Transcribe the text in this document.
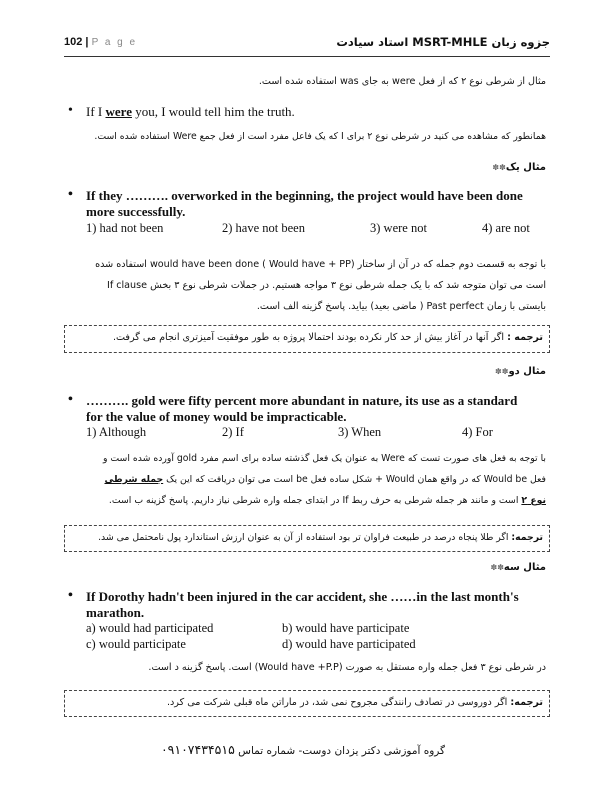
102 | P a g e	جزوه زبان MSRT-MHLE استاد سیادت
مثال از شرطی نوع ۲ که از فعل were به جای was استفاده شده است.
• If I were you, I would tell him the truth.
همانطور که مشاهده می کنید در شرطی نوع ۲ برای I که یک فاعل مفرد است از فعل جمع Were استفاده شده است.
مثال یک✽✽
• If they ………. overworked in the beginning, the project would have been done
more successfully.
1) had not been	2) have not been	3) were not	4) are not
با توجه به قسمت دوم جمله که در آن از ساختار would have been done ( Would have + PP) استفاده شده
است می توان متوجه شد که با یک جمله شرطی نوع ۳ مواجه هستیم. در جملات شرطی نوع ۳ بخش If clause
بایستی با زمان Past perfect ( ماضی بعید) بیاید. پاسخ گزینه الف است.
ترجمه : اگر آنها در آغاز بیش از حد کار نکرده بودند احتمالا پروژه به طور موفقیت آمیزتری انجام می گرفت.
مثال دو✽✽
• ………. gold were fifty percent more abundant in nature, its use as a standard
for the value of money would be impracticable.
1) Although	2) If	3) When	4) For
با توجه به فعل های صورت تست که Were به عنوان یک فعل گذشته ساده برای اسم مفرد gold آورده شده است و
فعل Would be که در واقع همان Would + شکل ساده فعل be است می توان دریافت که این یک جمله شرطی
نوع ۲ است و مانند هر جمله شرطی به حرف ربط If در ابتدای جمله واره شرطی نیاز داریم. پاسخ گزینه ب است.
ترجمه: اگر طلا پنجاه درصد در طبیعت فراوان تر بود استفاده از آن به عنوان ارزش استاندارد پول نامحتمل می شد.
مثال سه✽✽
• If Dorothy hadn't been injured in the car accident, she ……in the last month's
marathon.
a) would had participated	b) would have participate
c) would participate	d) would have participated
در شرطی نوع ۳ فعل جمله واره مستقل به صورت (Would have +P.P) است. پاسخ گزینه د است.
ترجمه: اگر دوروسی در تصادف رانندگی مجروح نمی شد، در ماراتن ماه قبلی شرکت می کرد.
گروه آموزشی دکتر یزدان دوست- شماره تماس ۰۹۱۰۷۴۳۴۵۱۵
